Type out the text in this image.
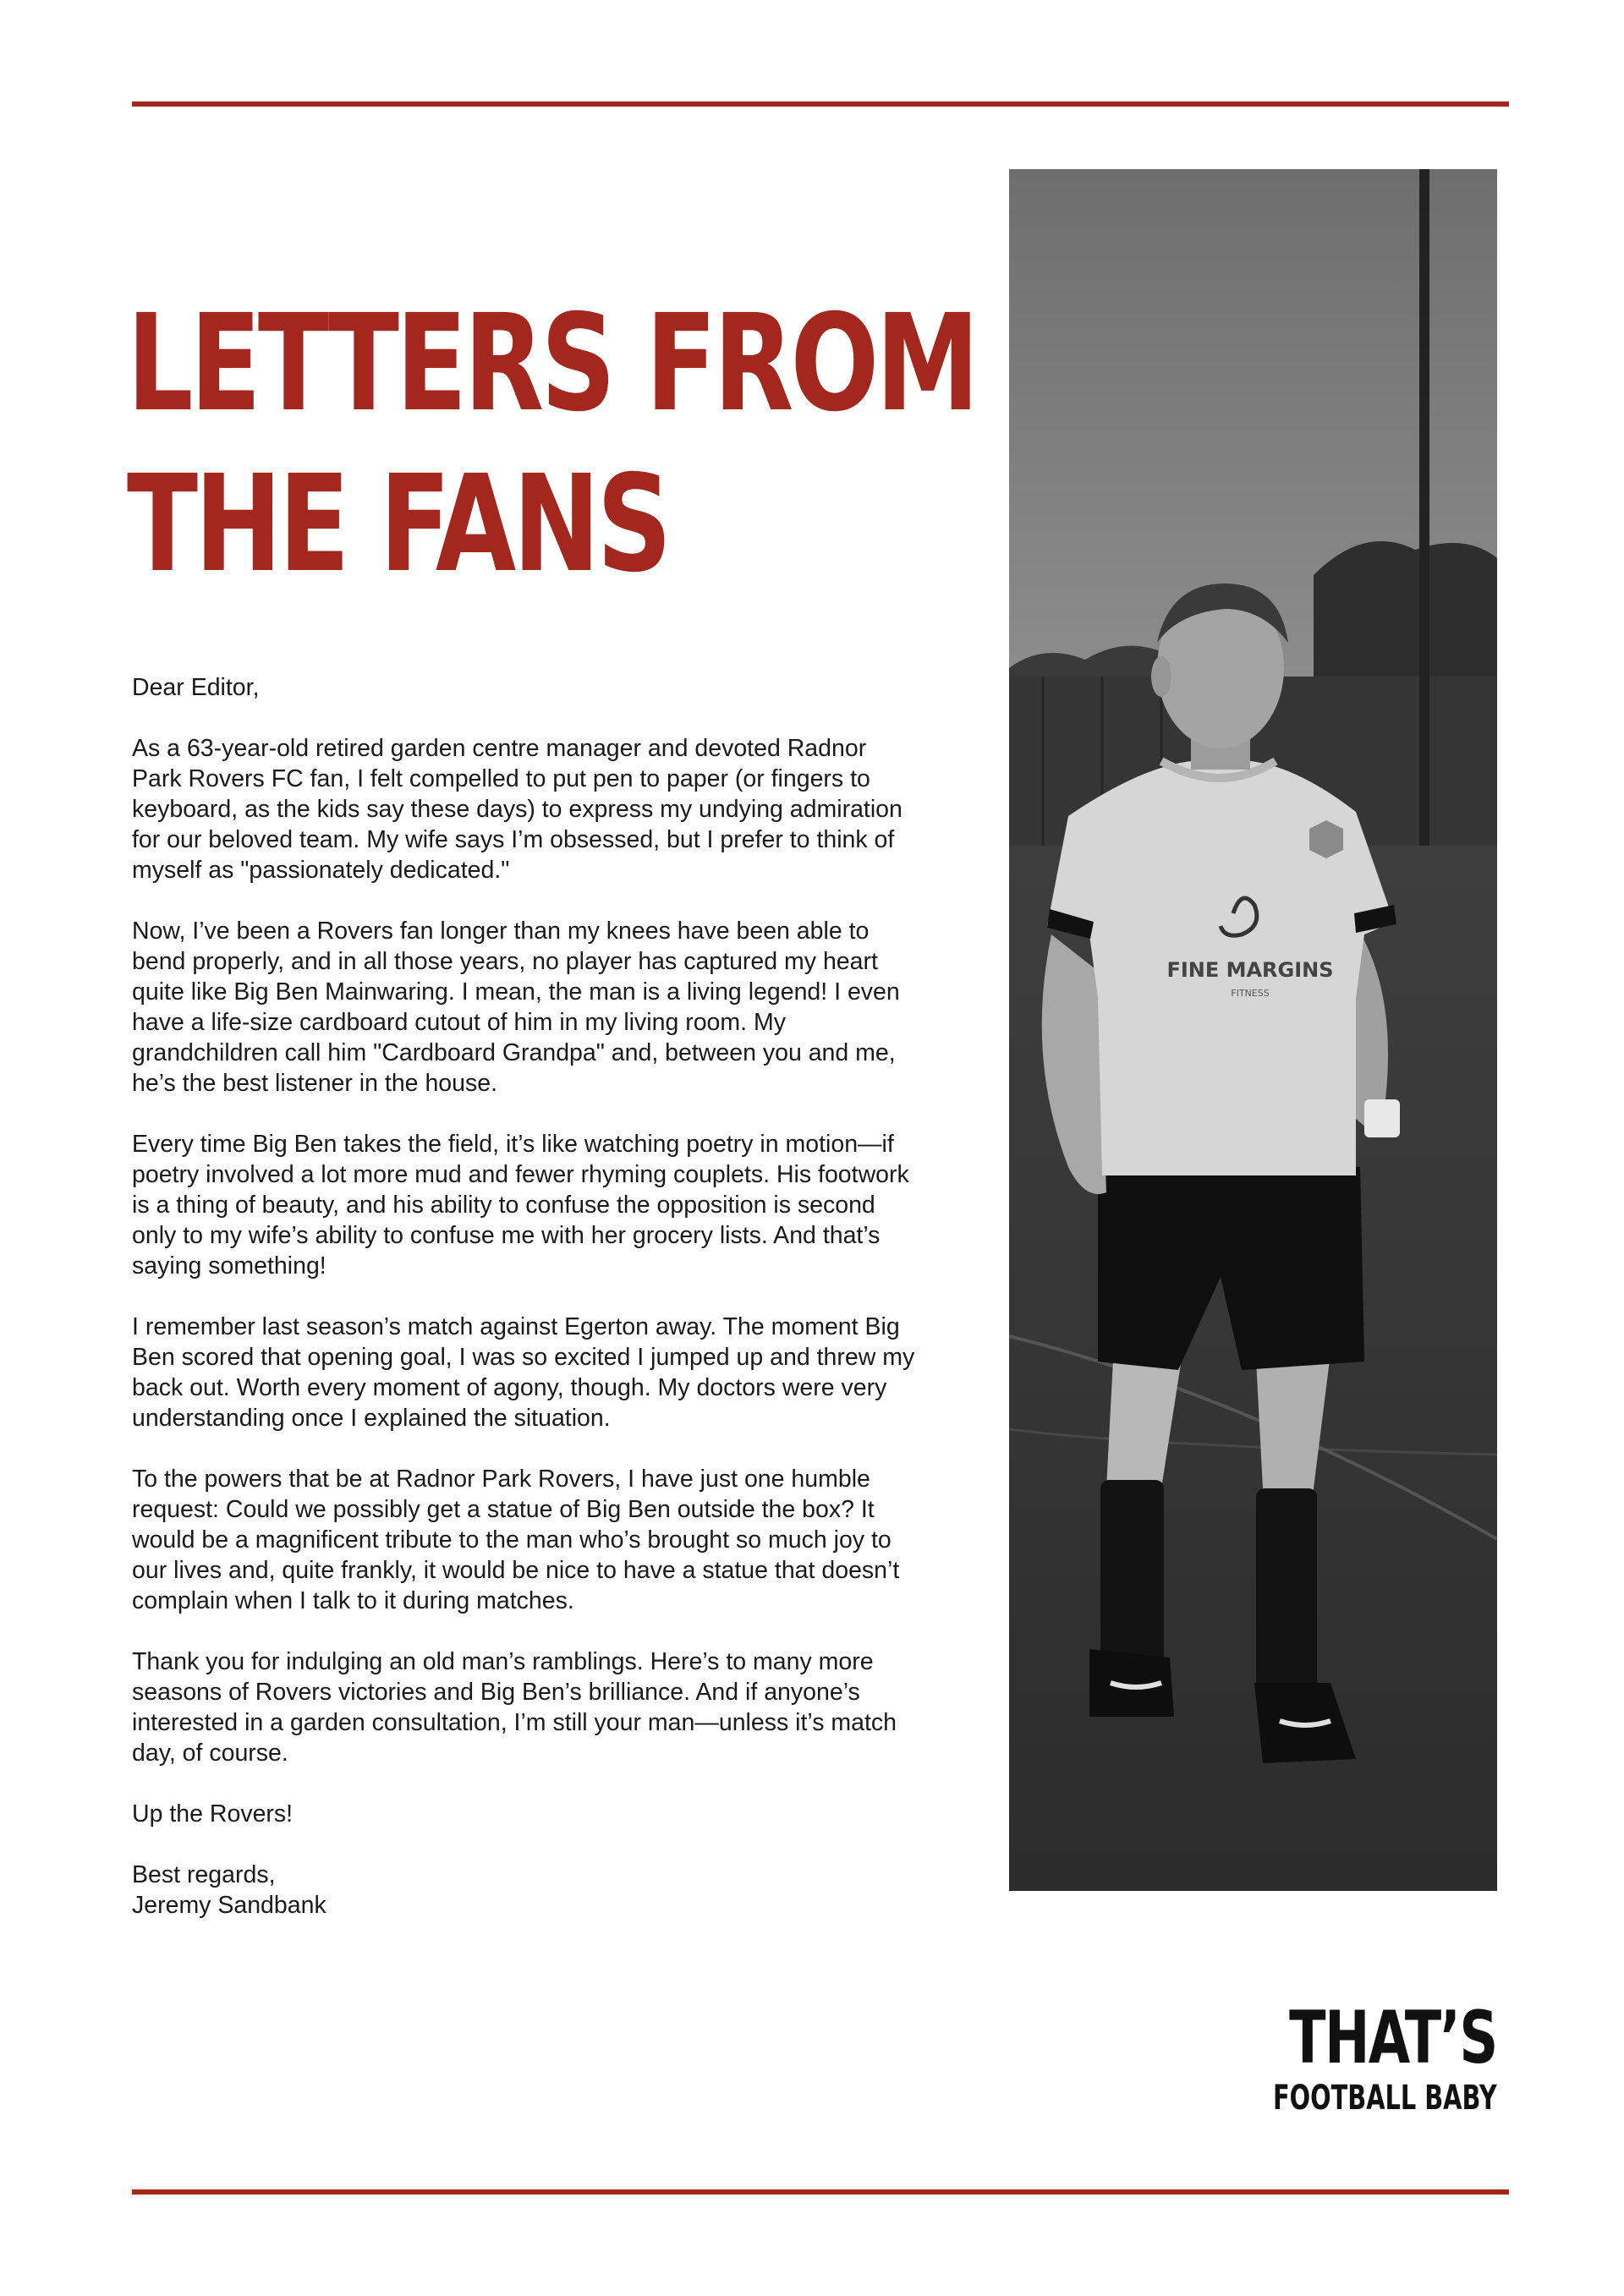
LETTERS FROM
THE FANS

Dear Editor,

As a 63-year-old retired garden centre manager and devoted Radnor Park Rovers FC fan, I felt compelled to put pen to paper (or fingers to keyboard, as the kids say these days) to express my undying admiration for our beloved team. My wife says I’m obsessed, but I prefer to think of myself as "passionately dedicated."

Now, I’ve been a Rovers fan longer than my knees have been able to bend properly, and in all those years, no player has captured my heart quite like Big Ben Mainwaring. I mean, the man is a living legend! I even have a life-size cardboard cutout of him in my living room. My grandchildren call him "Cardboard Grandpa" and, between you and me, he’s the best listener in the house.

Every time Big Ben takes the field, it’s like watching poetry in motion—if poetry involved a lot more mud and fewer rhyming couplets. His footwork is a thing of beauty, and his ability to confuse the opposition is second only to my wife’s ability to confuse me with her grocery lists. And that’s saying something!

I remember last season’s match against Egerton away. The moment Big Ben scored that opening goal, I was so excited I jumped up and threw my back out. Worth every moment of agony, though. My doctors were very understanding once I explained the situation.

To the powers that be at Radnor Park Rovers, I have just one humble request: Could we possibly get a statue of Big Ben outside the box? It would be a magnificent tribute to the man who’s brought so much joy to our lives and, quite frankly, it would be nice to have a statue that doesn’t complain when I talk to it during matches.

Thank you for indulging an old man’s ramblings. Here’s to many more seasons of Rovers victories and Big Ben’s brilliance. And if anyone’s interested in a garden consultation, I’m still your man—unless it’s match day, of course.

Up the Rovers!

Best regards,

Jeremy Sandbank

FINE MARGINS
FITNESS
THAT’S
FOOTBALL BABY
